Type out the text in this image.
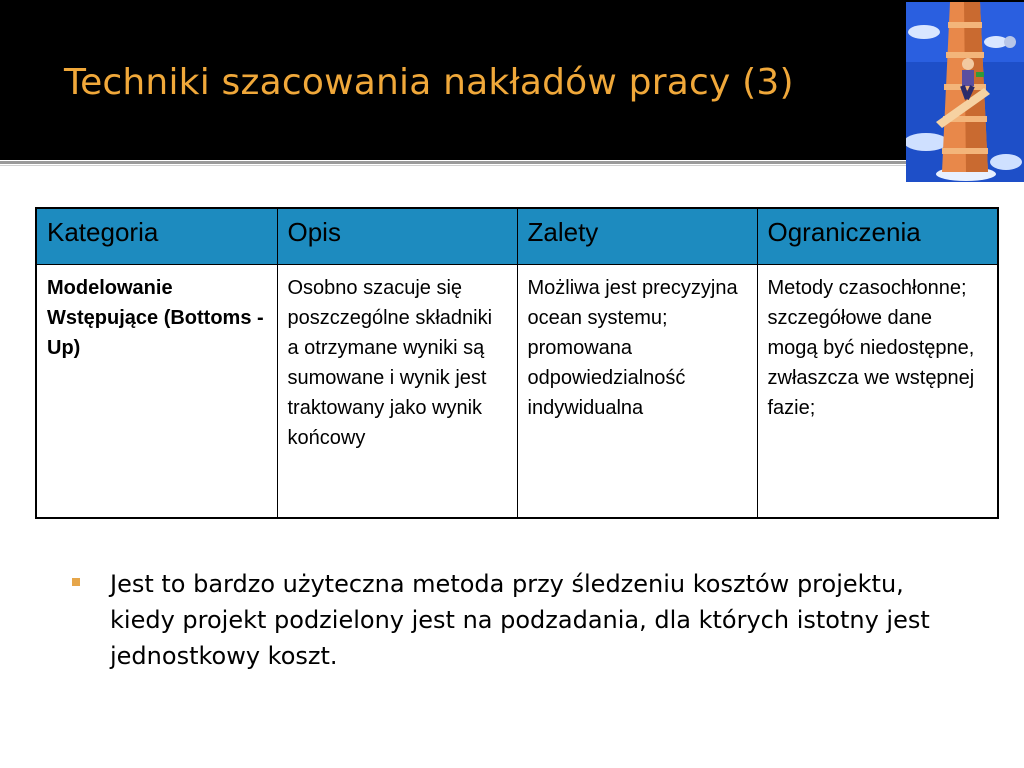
Techniki szacowania nakładów pracy (3)
Kategoria	Opis	Zalety	Ograniczenia
Modelowanie Wstępujące (Bottoms - Up)	Osobno szacuje się poszczególne składniki a otrzymane wyniki są sumowane i wynik jest traktowany jako wynik końcowy	Możliwa jest precyzyjna ocean systemu; promowana odpowiedzialność indywidualna	Metody czasochłonne; szczegółowe dane mogą być niedostępne, zwłaszcza we wstępnej fazie;
Jest to bardzo użyteczna metoda przy śledzeniu kosztów projektu, kiedy projekt podzielony jest na podzadania, dla których istotny jest jednostkowy koszt.
